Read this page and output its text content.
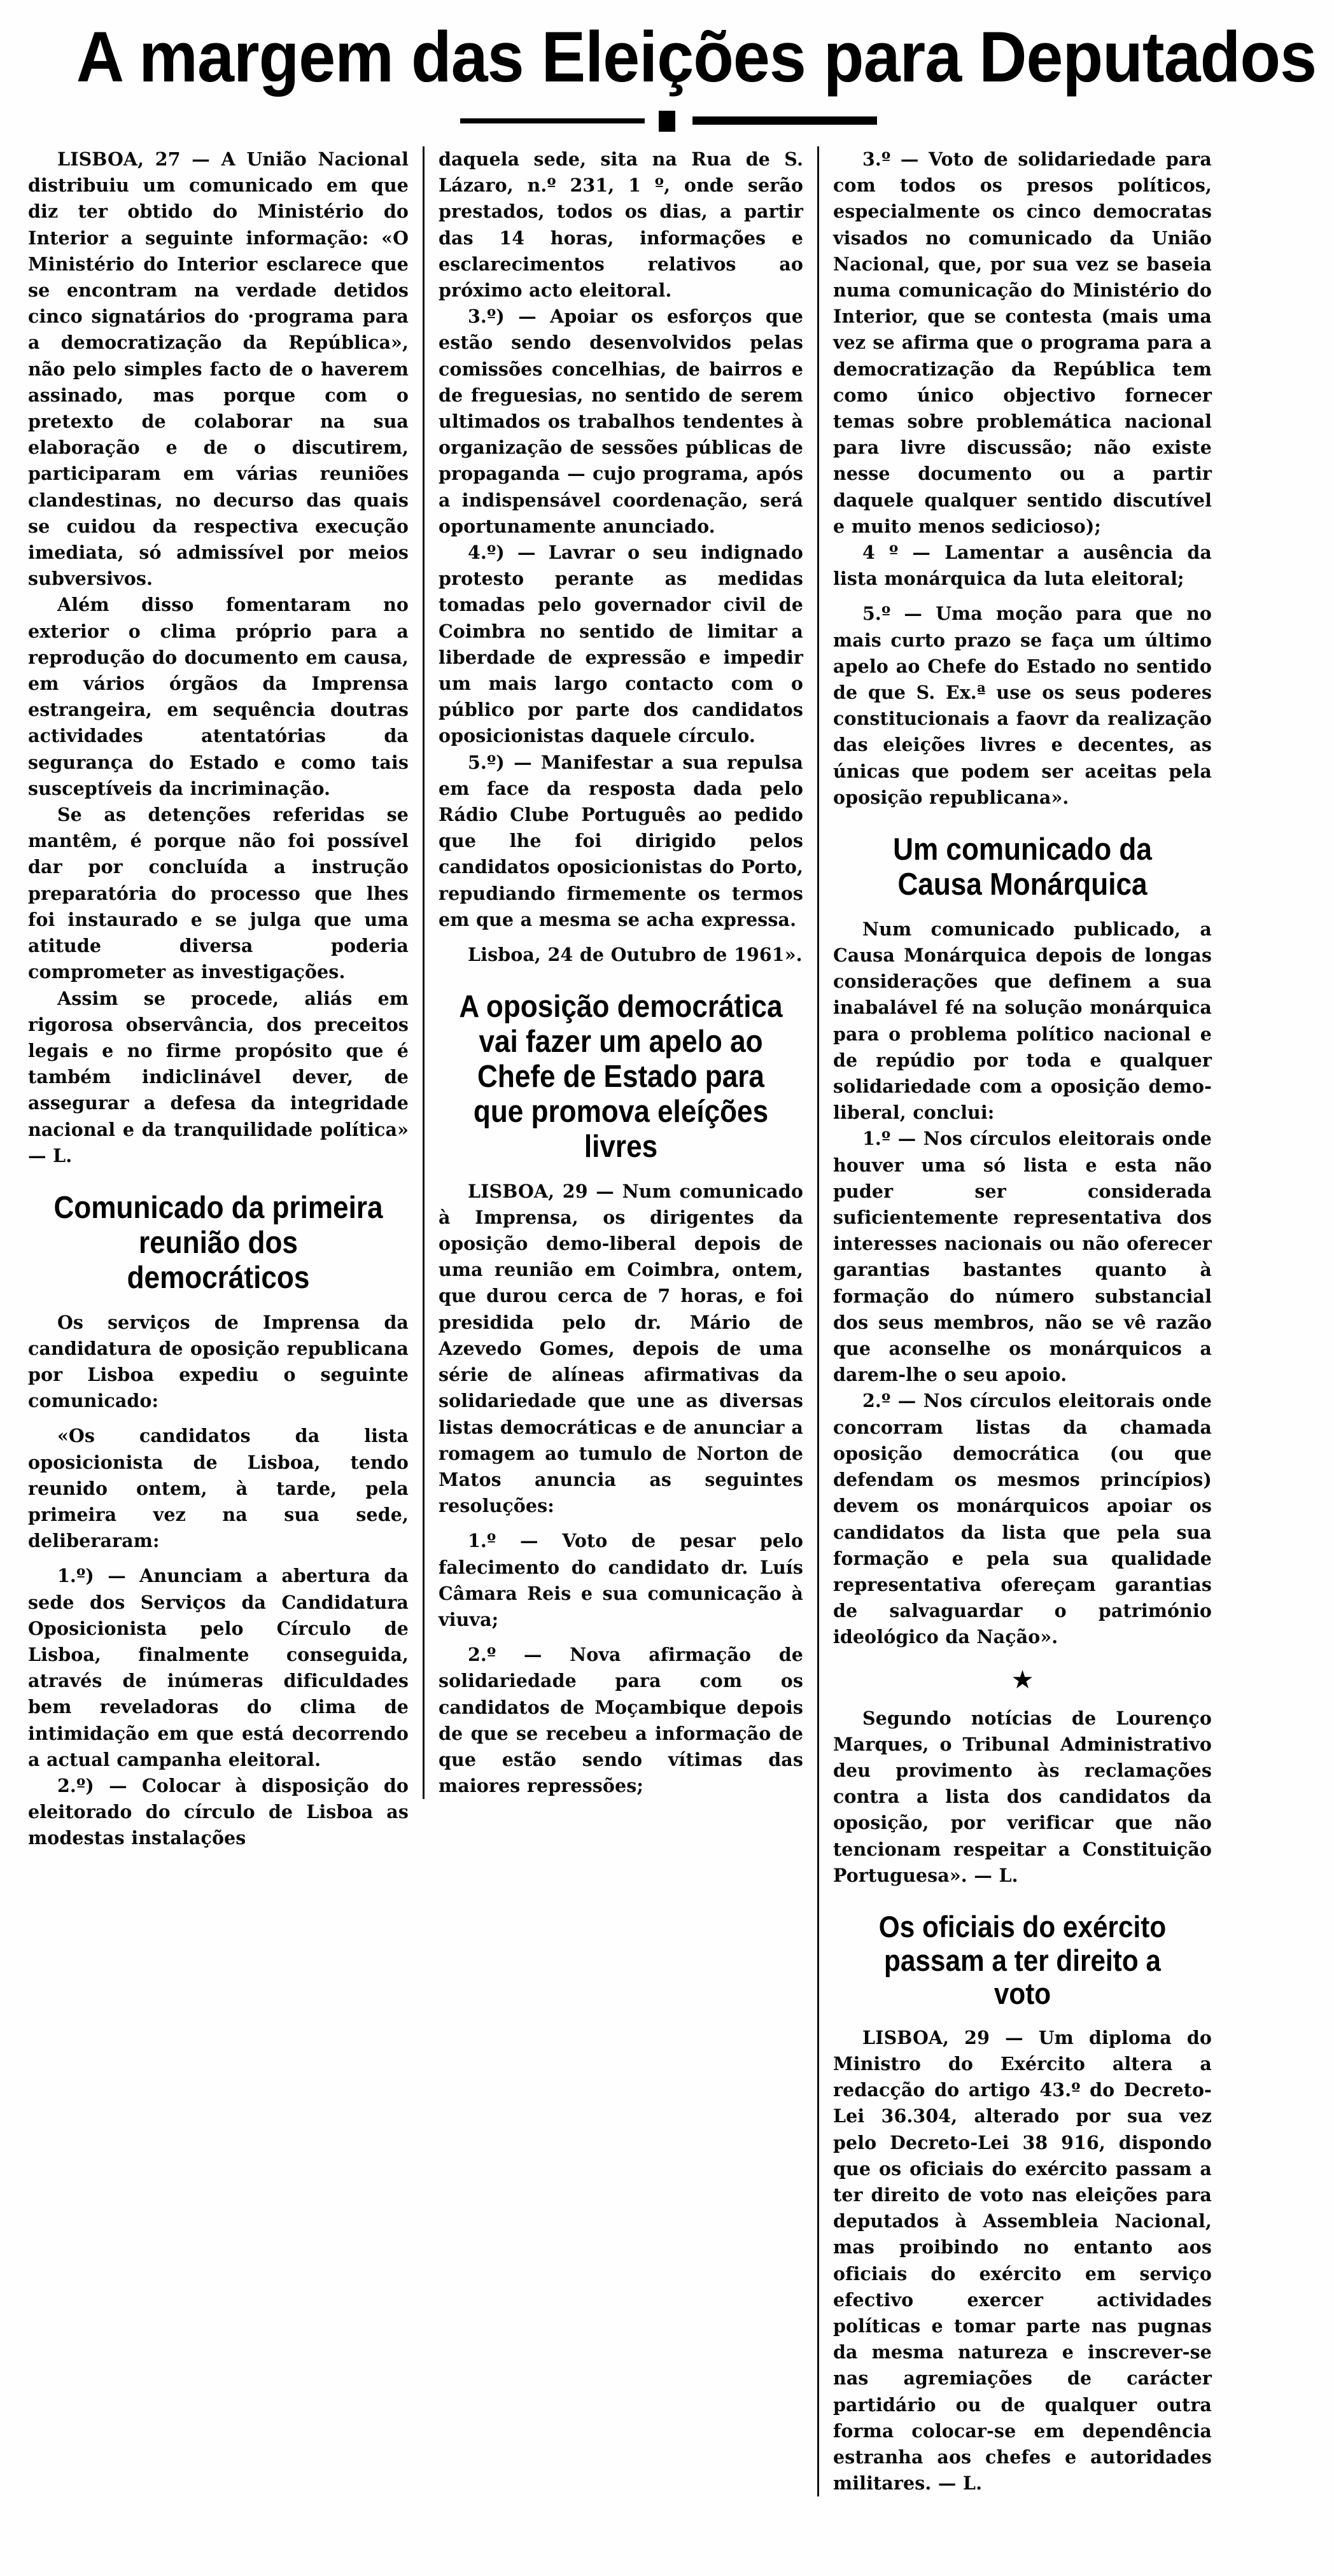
A margem das Eleições para Deputados

LISBOA, 27 — A União Nacional distribuiu um comunicado em que diz ter obtido do Ministério do Interior a seguinte informação: «O Ministério do Interior esclarece que se encontram na verdade detidos cinco signatários do ·programa para a democratização da República», não pelo simples facto de o haverem assinado, mas porque com o pretexto de colaborar na sua elaboração e de o discutirem, participaram em várias reuniões clandestinas, no decurso das quais se cuidou da respectiva execução imediata, só admissível por meios subversivos.

Além disso fomentaram no exterior o clima próprio para a reprodução do documento em causa, em vários órgãos da Imprensa estrangeira, em sequência doutras actividades atentatórias da segurança do Estado e como tais susceptíveis da incriminação.

Se as detenções referidas se mantêm, é porque não foi possível dar por concluída a instrução preparatória do processo que lhes foi instaurado e se julga que uma atitude diversa poderia comprometer as investigações.

Assim se procede, aliás em rigorosa observância, dos preceitos legais e no firme propósito que é também indiclinável dever, de assegurar a defesa da integridade nacional e da tranquilidade política» — L.

Comunicado da primeira reunião dos democráticos

Os serviços de Imprensa da candidatura de oposição republicana por Lisboa expediu o seguinte comunicado:

«Os candidatos da lista oposicionista de Lisboa, tendo reunido ontem, à tarde, pela primeira vez na sua sede, deliberaram:

1.º) — Anunciam a abertura da sede dos Serviços da Candidatura Oposicionista pelo Círculo de Lisboa, finalmente conseguida, através de inúmeras dificuldades bem reveladoras do clima de intimidação em que está decorrendo a actual campanha eleitoral.

2.º) — Colocar à disposição do eleitorado do círculo de Lisboa as modestas instalações

daquela sede, sita na Rua de S. Lázaro, n.º 231, 1 º, onde serão prestados, todos os dias, a partir das 14 horas, informações e esclarecimentos relativos ao próximo acto eleitoral.

3.º) — Apoiar os esforços que estão sendo desenvolvidos pelas comissões concelhias, de bairros e de freguesias, no sentido de serem ultimados os trabalhos tendentes à organização de sessões públicas de propaganda — cujo programa, após a indispensável coordenação, será oportunamente anunciado.

4.º) — Lavrar o seu indignado protesto perante as medidas tomadas pelo governador civil de Coimbra no sentido de limitar a liberdade de expressão e impedir um mais largo contacto com o público por parte dos candidatos oposicionistas daquele círculo.

5.º) — Manifestar a sua repulsa em face da resposta dada pelo Rádio Clube Português ao pedido que lhe foi dirigido pelos candidatos oposicionistas do Porto, repudiando firmemente os termos em que a mesma se acha expressa.

Lisboa, 24 de Outubro de 1961».

A oposição democrática vai fazer um apelo ao Chefe de Estado para que promova eleíções livres

LISBOA, 29 — Num comunicado à Imprensa, os dirigentes da oposição demo-liberal depois de uma reunião em Coimbra, ontem, que durou cerca de 7 horas, e foi presidida pelo dr. Mário de Azevedo Gomes, depois de uma série de alíneas afirmativas da solidariedade que une as diversas listas democráticas e de anunciar a romagem ao tumulo de Norton de Matos anuncia as seguintes resoluções:

1.º — Voto de pesar pelo falecimento do candidato dr. Luís Câmara Reis e sua comunicação à viuva;

2.º — Nova afirmação de solidariedade para com os candidatos de Moçambique depois de que se recebeu a informação de que estão sendo vítimas das maiores repressões;

3.º — Voto de solidariedade para com todos os presos políticos, especialmente os cinco democratas visados no comunicado da União Nacional, que, por sua vez se baseia numa comunicação do Ministério do Interior, que se contesta (mais uma vez se afirma que o programa para a democratização da República tem como único objectivo fornecer temas sobre problemática nacional para livre discussão; não existe nesse documento ou a partir daquele qualquer sentido discutível e muito menos sedicioso);

4 º — Lamentar a ausência da lista monárquica da luta eleitoral;

5.º — Uma moção para que no mais curto prazo se faça um último apelo ao Chefe do Estado no sentido de que S. Ex.ª use os seus poderes constitucionais a faovr da realização das eleições livres e decentes, as únicas que podem ser aceitas pela oposição republicana».

Um comunicado da Causa Monárquica

Num comunicado publicado, a Causa Monárquica depois de longas considerações que definem a sua inabalável fé na solução monárquica para o problema político nacional e de repúdio por toda e qualquer solidariedade com a oposição demo-liberal, conclui:

1.º — Nos círculos eleitorais onde houver uma só lista e esta não puder ser considerada suficientemente representativa dos interesses nacionais ou não oferecer garantias bastantes quanto à formação do número substancial dos seus membros, não se vê razão que aconselhe os monárquicos a darem-lhe o seu apoio.

2.º — Nos círculos eleitorais onde concorram listas da chamada oposição democrática (ou que defendam os mesmos princípios) devem os monárquicos apoiar os candidatos da lista que pela sua formação e pela sua qualidade representativa ofereçam garantias de salvaguardar o património ideológico da Nação».

★

Segundo notícias de Lourenço Marques, o Tribunal Administrativo deu provimento às reclamações contra a lista dos candidatos da oposição, por verificar que não tencionam respeitar a Constituição Portuguesa». — L.

Os oficiais do exército passam a ter direito a voto

LISBOA, 29 — Um diploma do Ministro do Exército altera a redacção do artigo 43.º do Decreto-Lei 36.304, alterado por sua vez pelo Decreto-Lei 38 916, dispondo que os oficiais do exército passam a ter direito de voto nas eleições para deputados à Assembleia Nacional, mas proibindo no entanto aos oficiais do exército em serviço efectivo exercer actividades políticas e tomar parte nas pugnas da mesma natureza e inscrever-se nas agremiações de carácter partidário ou de qualquer outra forma colocar-se em dependência estranha aos chefes e autoridades militares. — L.
